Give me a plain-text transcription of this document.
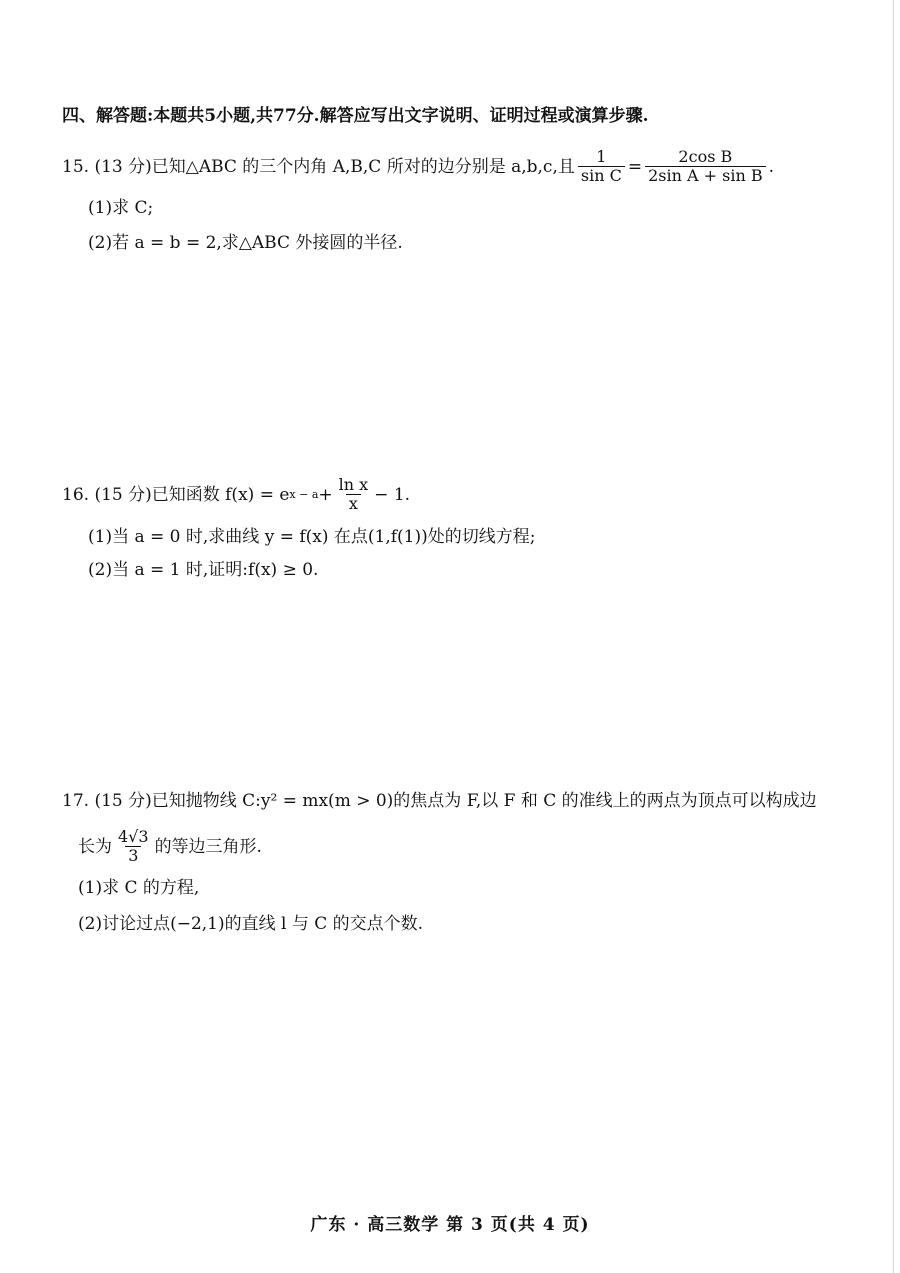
四、解答题:本题共5小题,共77分.解答应写出文字说明、证明过程或演算步骤.
15. (13 分)已知△ABC 的三个内角 A,B,C 所对的边分别是 a,b,c,且 $\frac{1}{\text{sin C}} = \frac{\text{2cos B}}{\text{2sin A + sin B}}$ .
(1)求 C;
(2)若 a = b = 2,求△ABC 外接圆的半径.
16. (15 分)已知函数 f(x) = e $x - a + \frac{\text{ln x}}{x} - 1$.
(1)当 a = 0 时,求曲线 y = f(x) 在点(1,f(1))处的切线方程;
(2)当 a = 1 时,证明:f(x) ≥ 0.
17. (15 分)已知抛物线 C:y² = mx(m > 0)的焦点为 F,以 F 和 C 的准线上的两点为顶点可以构成边
长为 $\frac{4√3}{3}$ 的等边三角形.
(1)求 C 的方程,
(2)讨论过点(−2,1)的直线 l 与 C 的交点个数.
广东 · 高三数学 第 3 页(共 4 页)
